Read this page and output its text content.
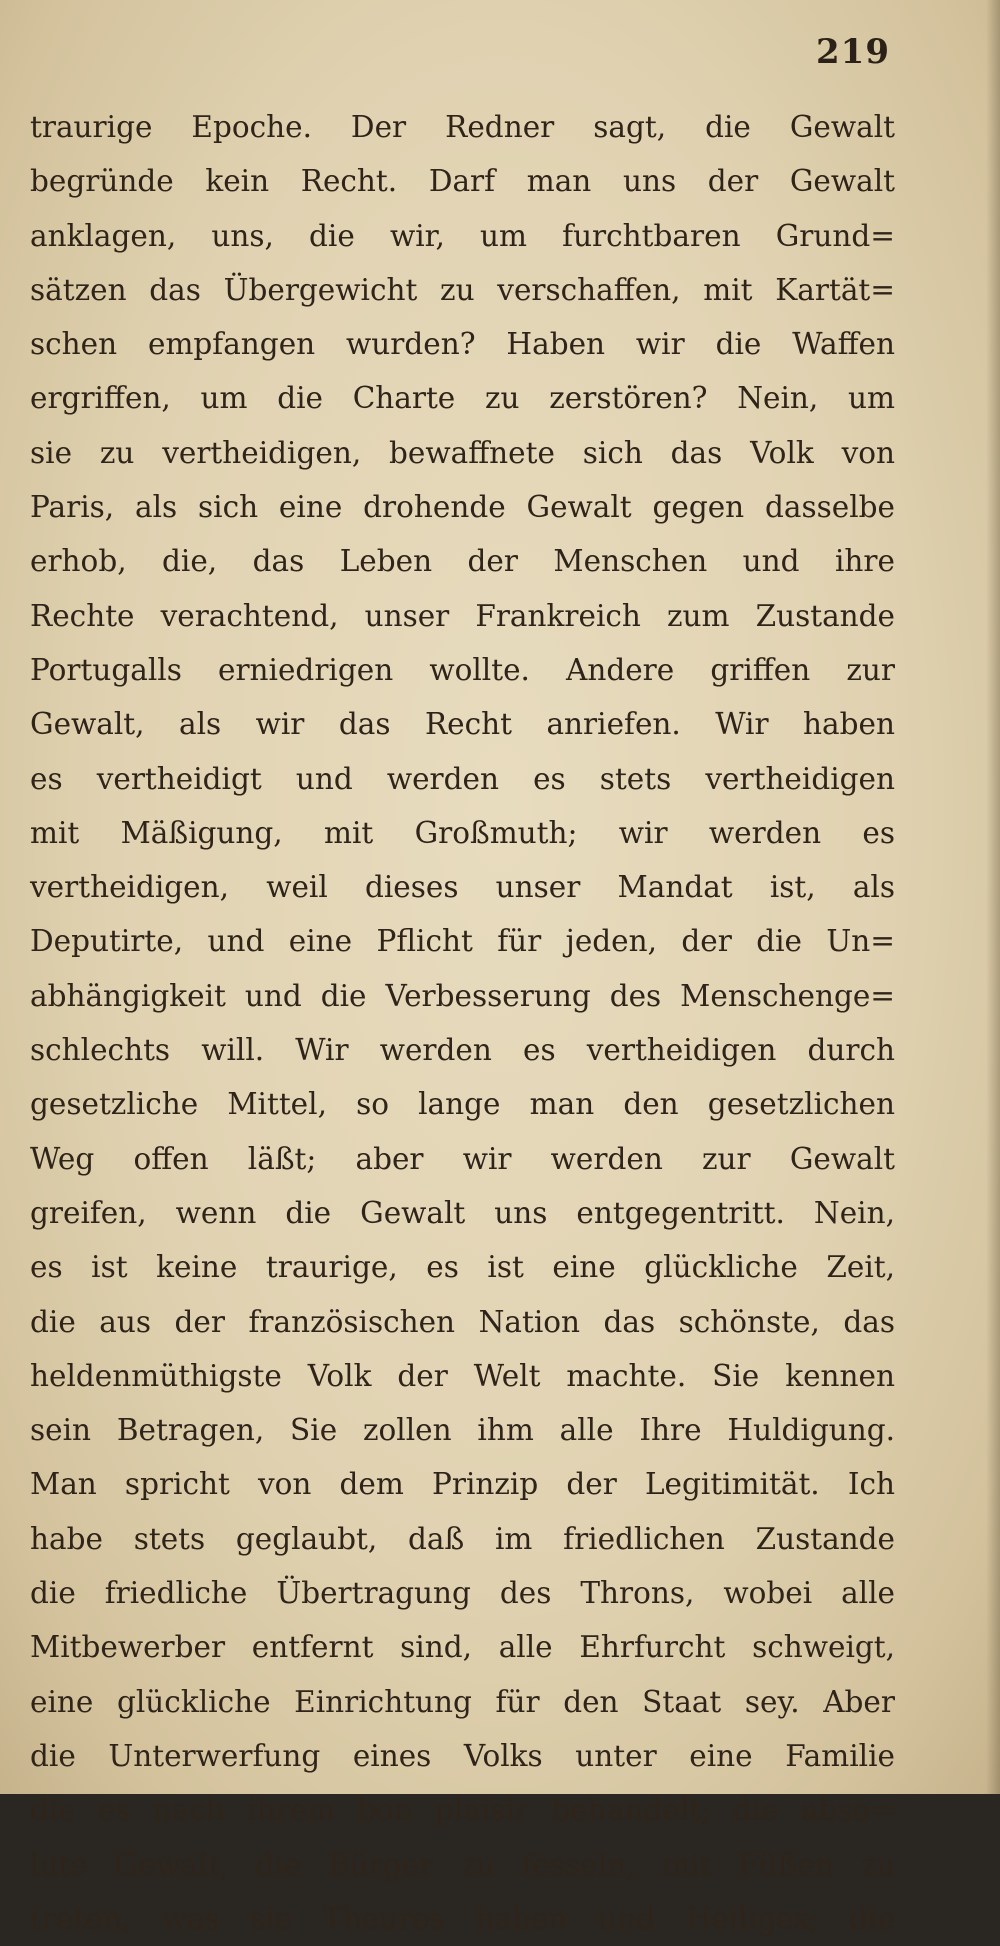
219
traurige Epoche. Der Redner sagt, die Gewalt
begründe kein Recht. Darf man uns der Gewalt
anklagen, uns, die wir, um furchtbaren Grund=
sätzen das Übergewicht zu verschaffen, mit Kartät=
schen empfangen wurden? Haben wir die Waffen
ergriffen, um die Charte zu zerstören? Nein, um
sie zu vertheidigen, bewaffnete sich das Volk von
Paris, als sich eine drohende Gewalt gegen dasselbe
erhob, die, das Leben der Menschen und ihre
Rechte verachtend, unser Frankreich zum Zustande
Portugalls erniedrigen wollte. Andere griffen zur
Gewalt, als wir das Recht anriefen. Wir haben
es vertheidigt und werden es stets vertheidigen
mit Mäßigung, mit Großmuth; wir werden es
vertheidigen, weil dieses unser Mandat ist, als
Deputirte, und eine Pflicht für jeden, der die Un=
abhängigkeit und die Verbesserung des Menschenge=
schlechts will. Wir werden es vertheidigen durch
gesetzliche Mittel, so lange man den gesetzlichen
Weg offen läßt; aber wir werden zur Gewalt
greifen, wenn die Gewalt uns entgegentritt. Nein,
es ist keine traurige, es ist eine glückliche Zeit,
die aus der französischen Nation das schönste, das
heldenmüthigste Volk der Welt machte. Sie kennen
sein Betragen, Sie zollen ihm alle Ihre Huldigung.
Man spricht von dem Prinzip der Legitimität. Ich
habe stets geglaubt, daß im friedlichen Zustande
die friedliche Übertragung des Throns, wobei alle
Mitbewerber entfernt sind, alle Ehrfurcht schweigt,
eine glückliche Einrichtung für den Staat sey. Aber
die Unterwerfung eines Volks unter eine Familie
die es nach ihrem bon plaisir behandelt; die abso=
lute Gewalt, die Bürger zu fesseln, mit Füßen zu
treten, was sie Theures haben und Heiliges; die
